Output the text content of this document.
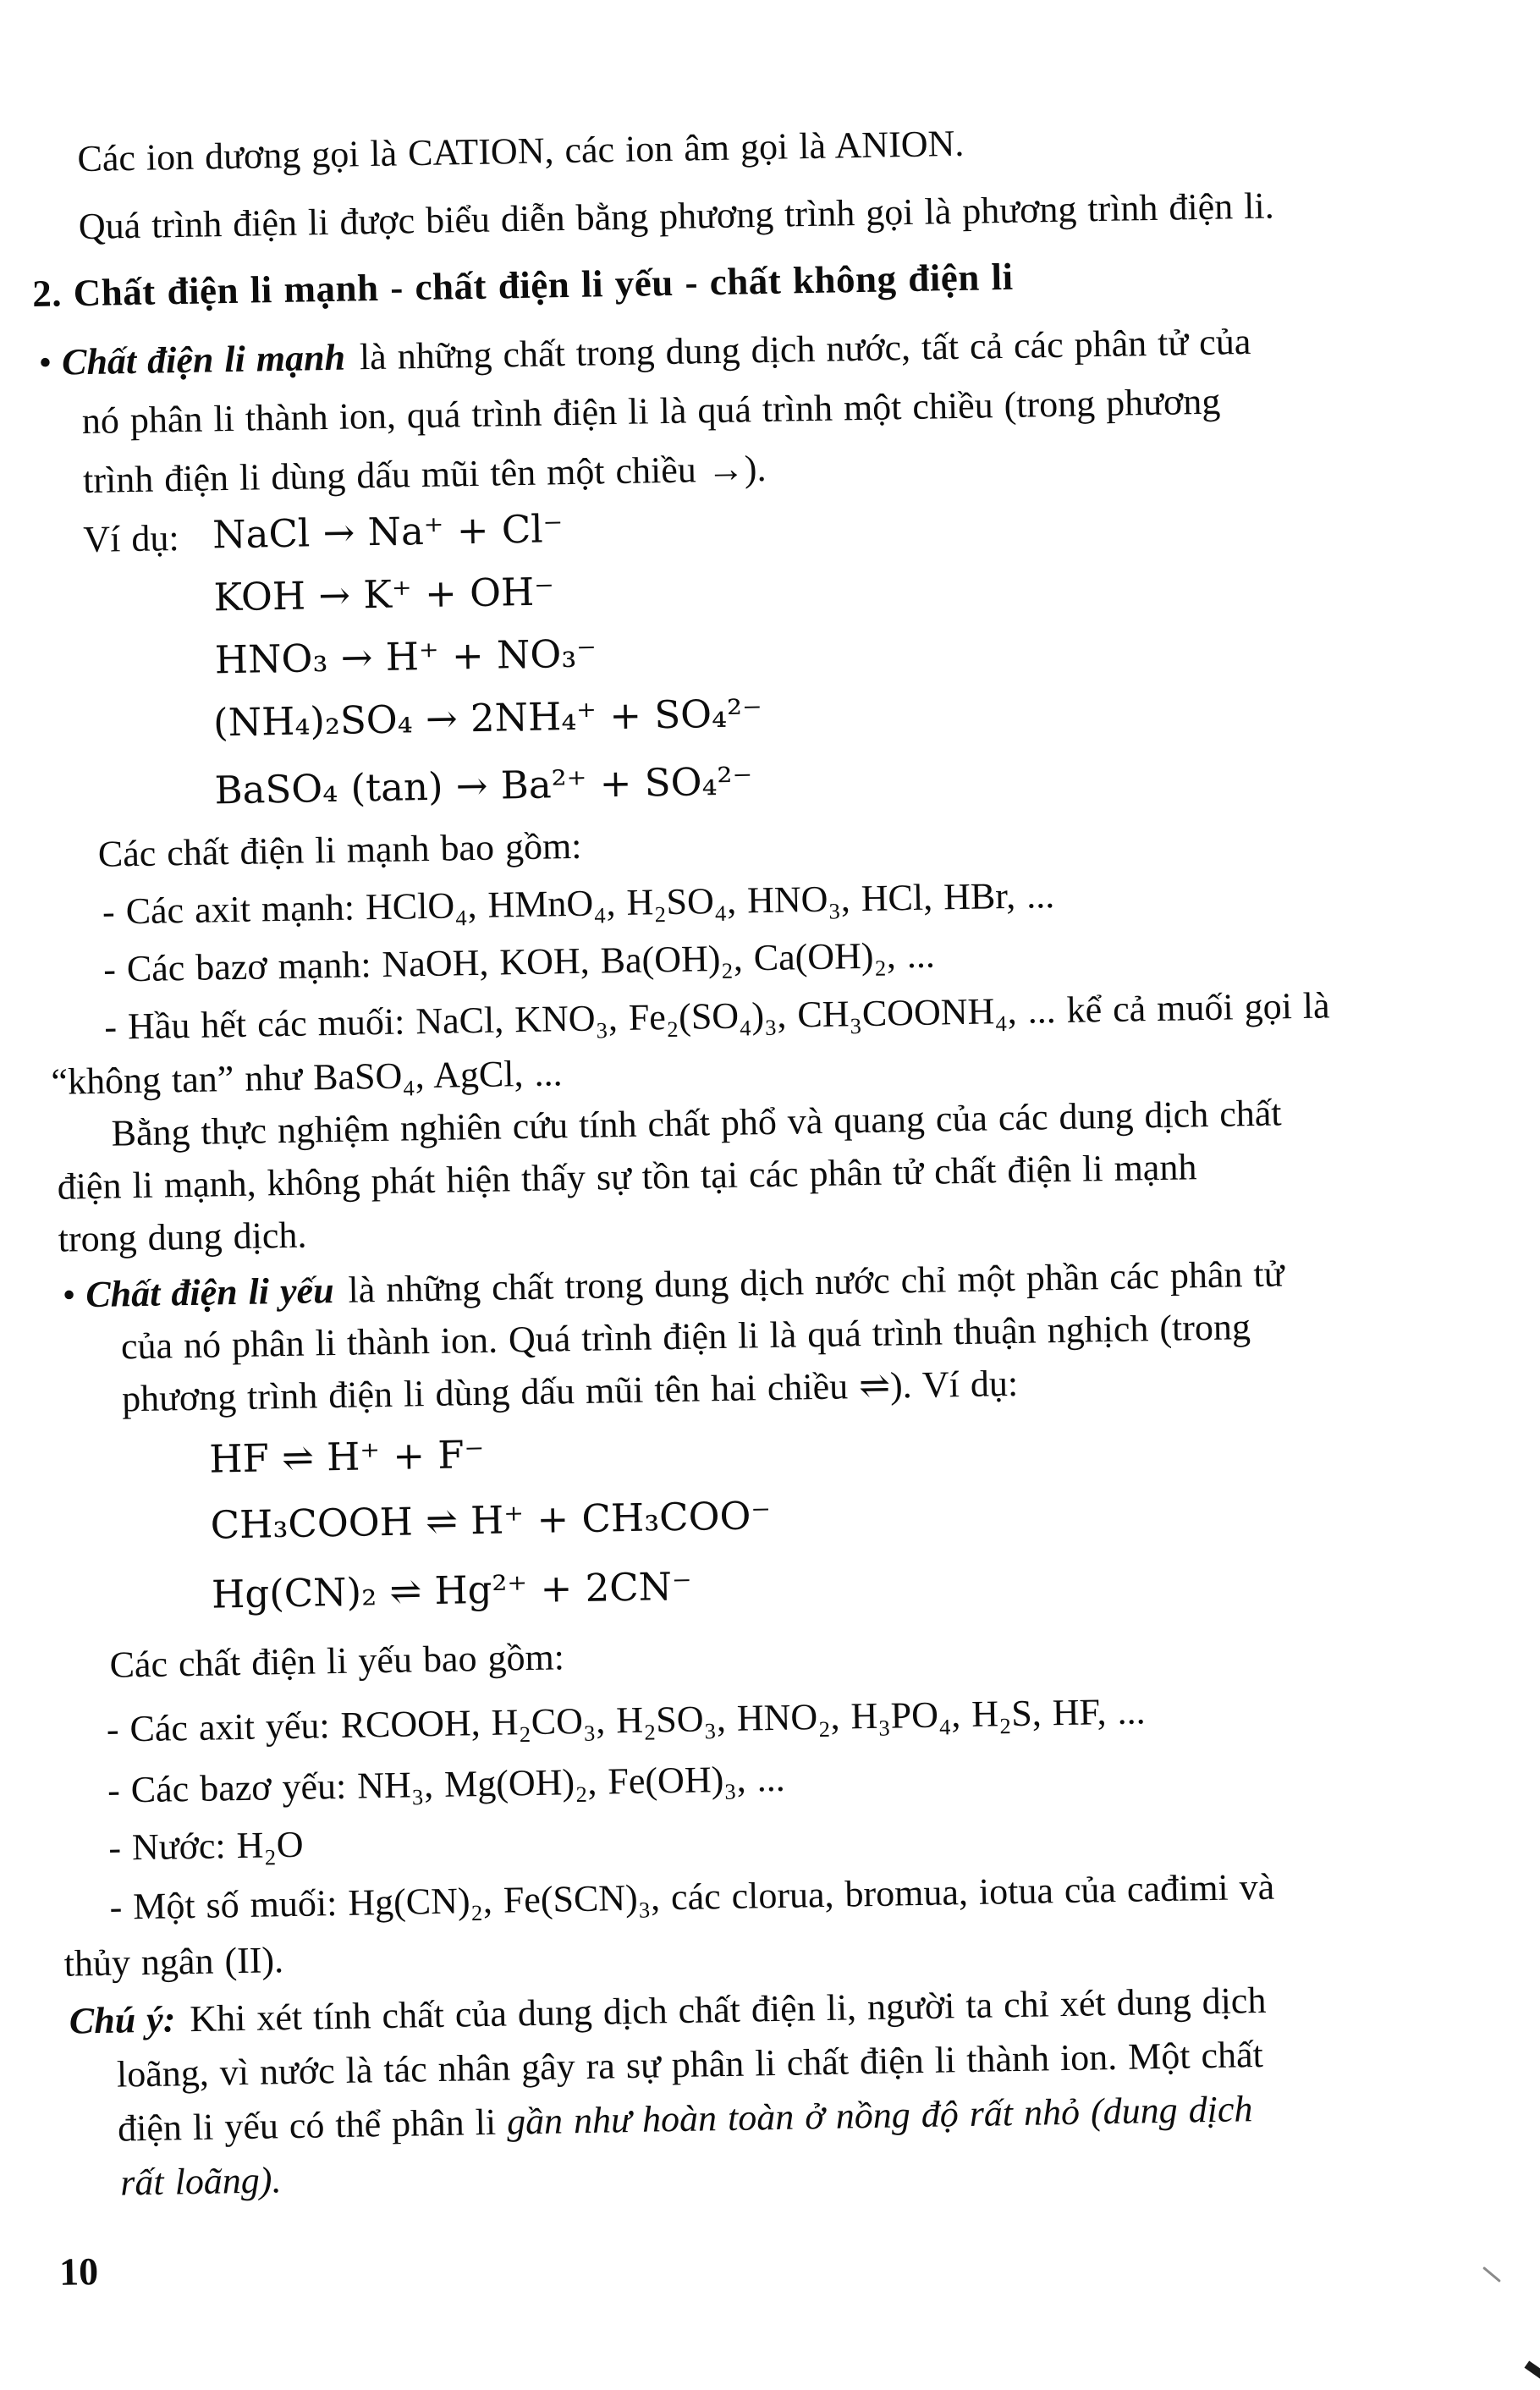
Các ion dương gọi là CATION, các ion âm gọi là ANION.
Quá trình điện li được biểu diễn bằng phương trình gọi là phương trình điện li.
2. Chất điện li mạnh - chất điện li yếu - chất không điện li
• Chất điện li mạnh là những chất trong dung dịch nước, tất cả các phân tử của
nó phân li thành ion, quá trình điện li là quá trình một chiều (trong phương
trình điện li dùng dấu mũi tên một chiều →).
Ví dụ: NaCl → Na⁺ + Cl⁻
KOH → K⁺ + OH⁻
HNO₃ → H⁺ + NO₃⁻
(NH₄)₂SO₄ → 2NH₄⁺ + SO₄²⁻
BaSO₄ (tan) → Ba²⁺ + SO₄²⁻
Các chất điện li mạnh bao gồm:
- Các axit mạnh: HClO₄, HMnO₄, H₂SO₄, HNO₃, HCl, HBr, ...
- Các bazơ mạnh: NaOH, KOH, Ba(OH)₂, Ca(OH)₂, ...
- Hầu hết các muối: NaCl, KNO₃, Fe₂(SO₄)₃, CH₃COONH₄, ... kể cả muối gọi là
“không tan” như BaSO₄, AgCl, ...
Bằng thực nghiệm nghiên cứu tính chất phổ và quang của các dung dịch chất
điện li mạnh, không phát hiện thấy sự tồn tại các phân tử chất điện li mạnh
trong dung dịch.
• Chất điện li yếu là những chất trong dung dịch nước chỉ một phần các phân tử
của nó phân li thành ion. Quá trình điện li là quá trình thuận nghịch (trong
phương trình điện li dùng dấu mũi tên hai chiều ⇌). Ví dụ:
HF ⇌ H⁺ + F⁻
CH₃COOH ⇌ H⁺ + CH₃COO⁻
Hg(CN)₂ ⇌ Hg²⁺ + 2CN⁻
Các chất điện li yếu bao gồm:
- Các axit yếu: RCOOH, H₂CO₃, H₂SO₃, HNO₂, H₃PO₄, H₂S, HF, ...
- Các bazơ yếu: NH₃, Mg(OH)₂, Fe(OH)₃, ...
- Nước: H₂O
- Một số muối: Hg(CN)₂, Fe(SCN)₃, các clorua, bromua, iotua của cađimi và
thủy ngân (II).
Chú ý: Khi xét tính chất của dung dịch chất điện li, người ta chỉ xét dung dịch
loãng, vì nước là tác nhân gây ra sự phân li chất điện li thành ion. Một chất
điện li yếu có thể phân li gần như hoàn toàn ở nồng độ rất nhỏ (dung dịch
rất loãng).
10
